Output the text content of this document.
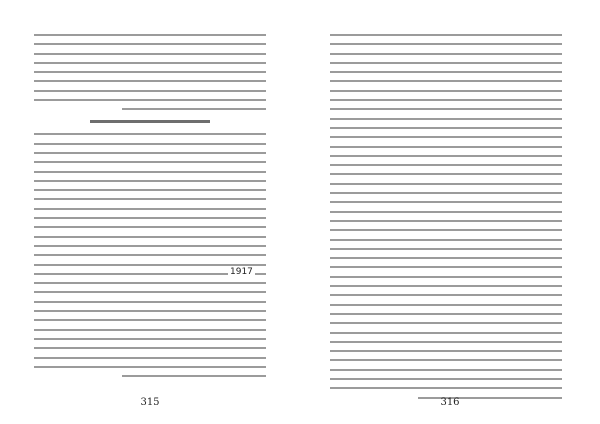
1917
315	316
